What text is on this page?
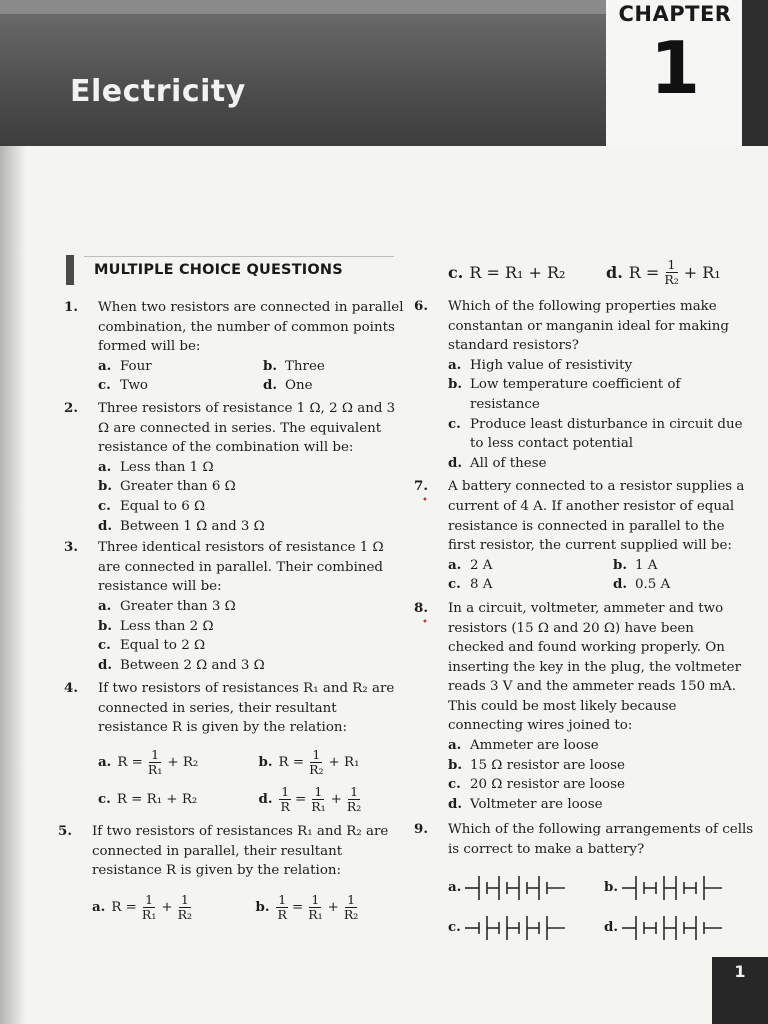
CHAPTER
1
Electricity
MULTIPLE CHOICE QUESTIONS
1. When two resistors are connected in parallel combination, the number of common points formed will be:
a. Four	b. Three
c. Two	d. One
2. Three resistors of resistance 1 Ω, 2 Ω and 3 Ω are connected in series. The equivalent resistance of the combination will be:
a. Less than 1 Ω
b. Greater than 6 Ω
c. Equal to 6 Ω
d. Between 1 Ω and 3 Ω
3. Three identical resistors of resistance 1 Ω are connected in parallel. Their combined resistance will be:
a. Greater than 3 Ω
b. Less than 2 Ω
c. Equal to 2 Ω
d. Between 2 Ω and 3 Ω
4. If two resistors of resistances R₁ and R₂ are connected in series, their resultant resistance R is given by the relation:
a. $R = \frac{1}{\text{R₁}} + R_2$	b. $R = \frac{1}{\text{R₂}} + R_1$
c. R = R₁ + R₂	d. $\frac{1}{R} = \frac{1}{\text{R₁}} + \frac{1}{\text{R₂}}$
5. If two resistors of resistances R₁ and R₂ are connected in parallel, their resultant resistance R is given by the relation:
a. $R = \frac{1}{\text{R₁}} + \frac{1}{\text{R₂}}$	b. $\frac{1}{R} = \frac{1}{\text{R₁}} + \frac{1}{\text{R₂}}$
c. R = R₁ + R₂	d. $R = \frac{1}{\text{R₂}} + R_1$
6. Which of the following properties make constantan or manganin ideal for making standard resistors?
a. High value of resistivity
b. Low temperature coefficient of resistance
c. Produce least disturbance in circuit due to less contact potential
d. All of these
7.
•
A battery connected to a resistor supplies a current of 4 A. If another resistor of equal resistance is connected in parallel to the first resistor, the current supplied will be:
a. 2 A	b. 1 A
c. 8 A	d. 0.5 A
8.
•
In a circuit, voltmeter, ammeter and two resistors (15 Ω and 20 Ω) have been checked and found working properly. On inserting the key in the plug, the voltmeter reads 3 V and the ammeter reads 150 mA. This could be most likely because connecting wires joined to:
a. Ammeter are loose
b. 15 Ω resistor are loose
c. 20 Ω resistor are loose
d. Voltmeter are loose
9. Which of the following arrangements of cells is correct to make a battery?
a.	b.
c.	d.
1
